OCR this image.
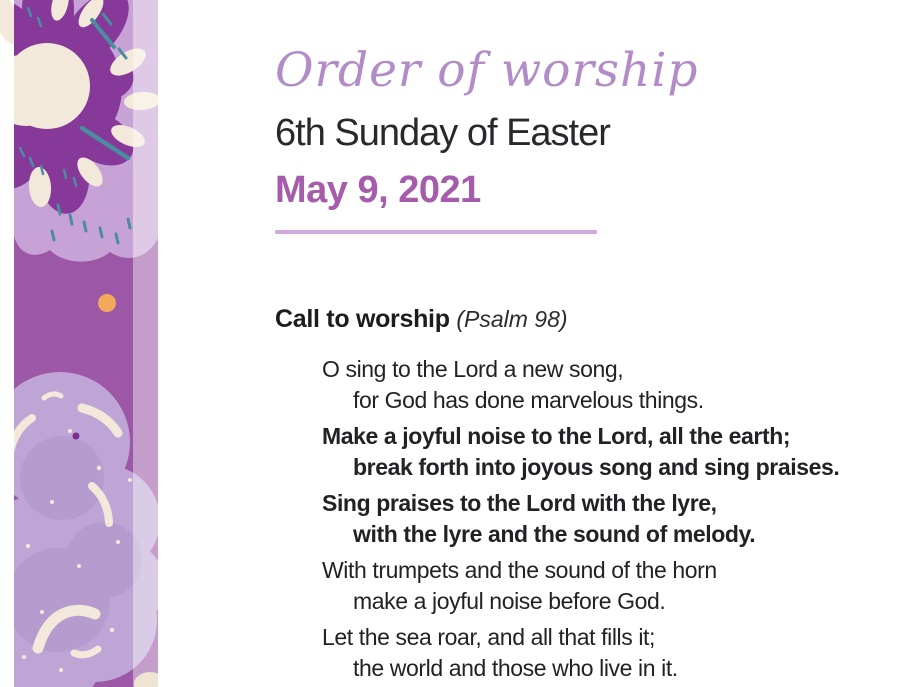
Order of worship
6th Sunday of Easter
May 9, 2021
Call to worship (Psalm 98)
O sing to the Lord a new song,
for God has done marvelous things.
Make a joyful noise to the Lord, all the earth;
break forth into joyous song and sing praises.
Sing praises to the Lord with the lyre,
with the lyre and the sound of melody.
With trumpets and the sound of the horn
make a joyful noise before God.
Let the sea roar, and all that fills it;
the world and those who live in it.
